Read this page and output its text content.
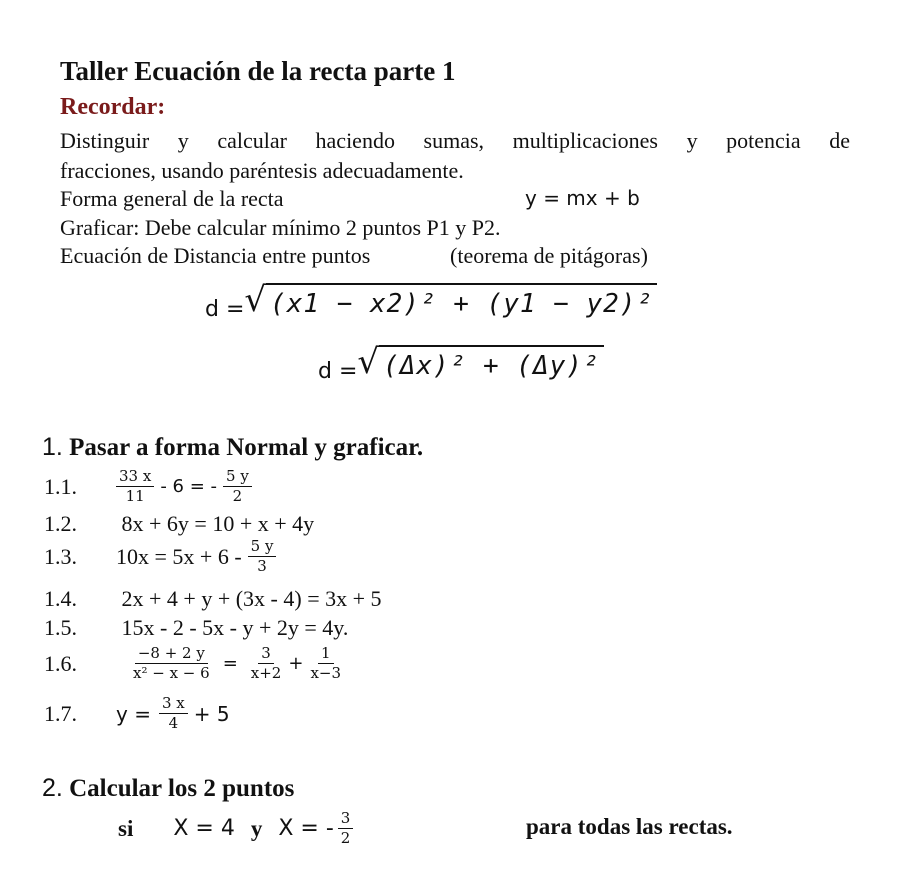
Taller Ecuación de la recta parte 1
Recordar:
Distinguir y calcular haciendo sumas, multiplicaciones y potencia de
fracciones, usando paréntesis adecuadamente.
Forma general de la recta	y = mx + b
Graficar: Debe calcular mínimo 2 puntos P1 y P2.
Ecuación de Distancia entre puntos	(teorema de pitágoras)
d = √ (x1 − x2)² + (y1 − y2)²
d = √ (Δx)² + (Δy)²
1. Pasar a forma Normal y graficar.
1.1.	$\frac{33 x}{11} - 6$ = - $\frac{5 y}{2}$
1.2. 8x + 6y = 10 + x + 4y
1.3.	$10x = 5x + 6 - \frac{5 y}{3}$
1.4. 2x + 4 + y + (3x - 4) = 3x + 5
1.5. 15x - 2 - 5x - y + 2y = 4y.
1.6.	$\frac{-8 + 2 y}{\text{x² − x − 6}} = \frac{3}{x+2} + \frac{1}{x-3}$
1.7.	$y = \frac{3 x}{4} + 5$
2. Calcular los 2 puntos
si X = 4 y X = - $\frac{3}{2}$	para todas las rectas.
